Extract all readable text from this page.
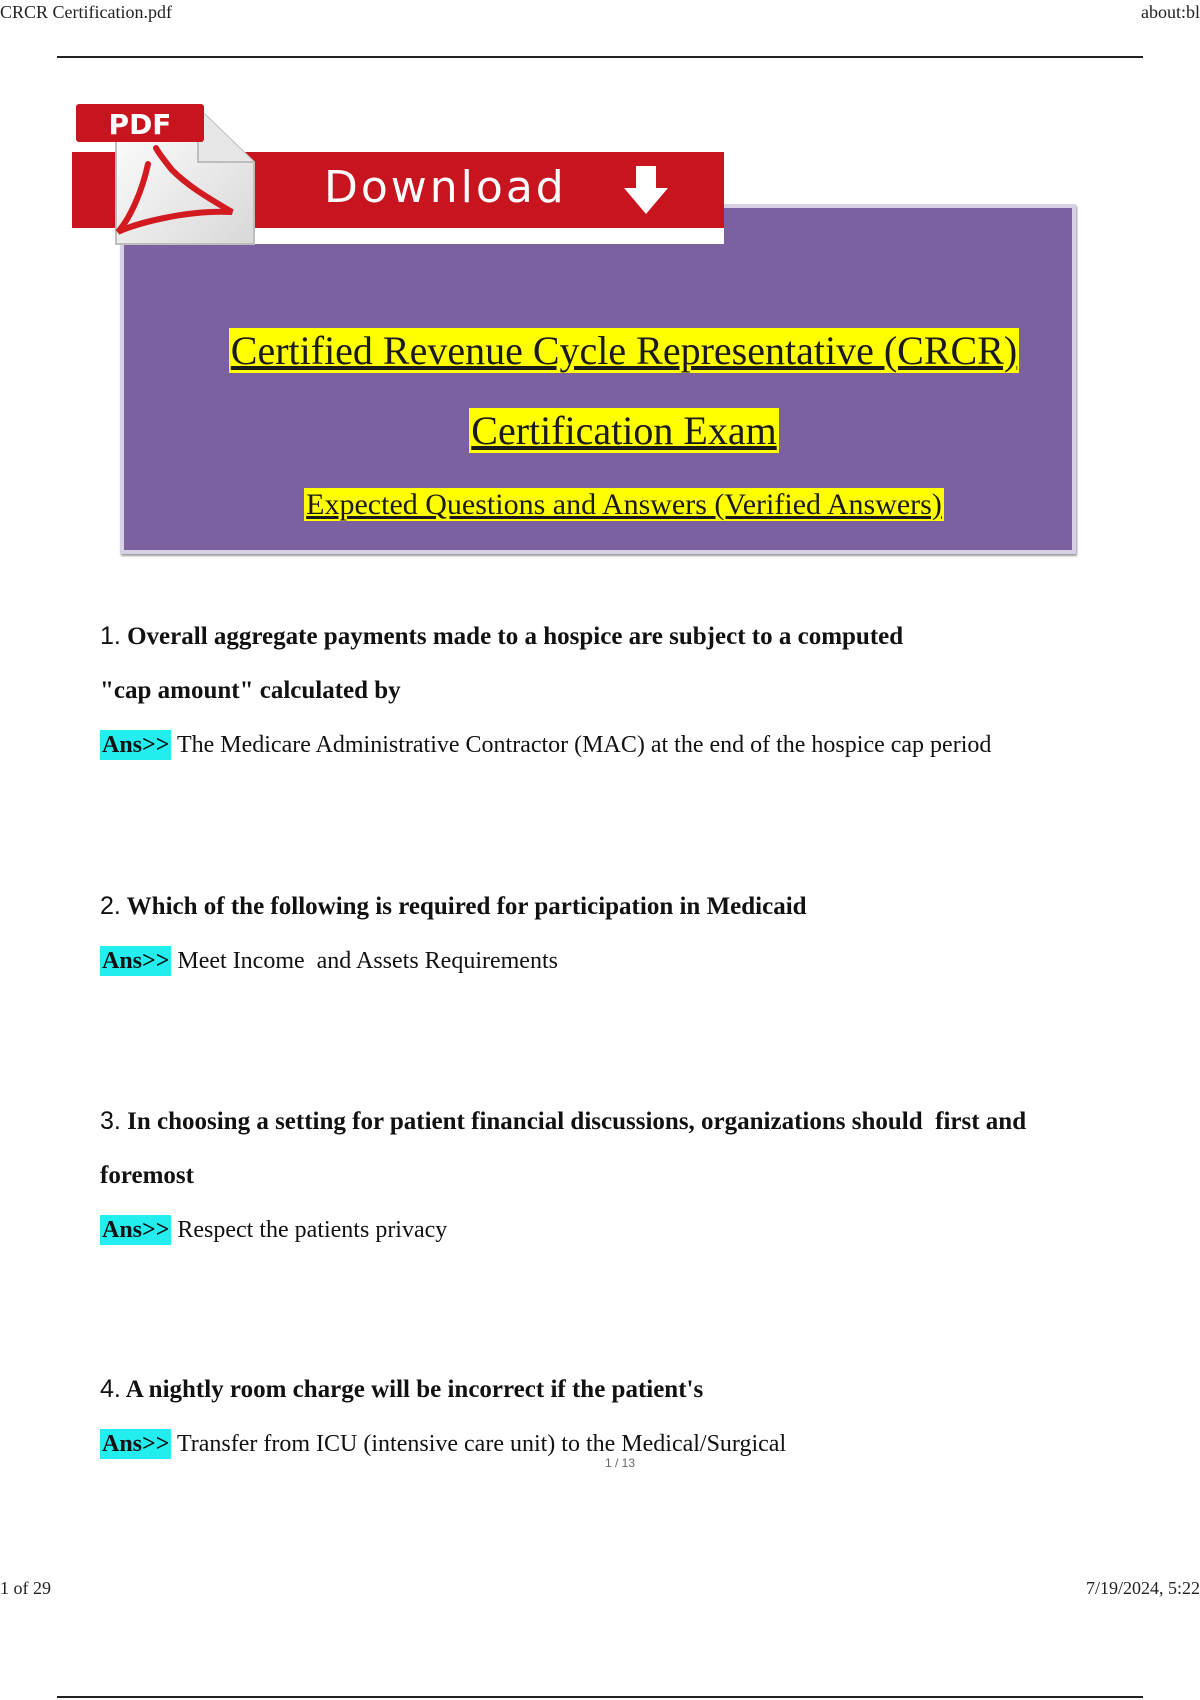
CRCR Certification.pdf	about:bl
Download
PDF
Certified Revenue Cycle Representative (CRCR)
Certification Exam
Expected Questions and Answers (Verified Answers)
1. Overall aggregate payments made to a hospice are subject to a computed
"cap amount" calculated by
Ans>> The Medicare Administrative Contractor (MAC) at the end of the hospice cap period
2. Which of the following is required for participation in Medicaid
Ans>> Meet Income  and Assets Requirements
3. In choosing a setting for patient financial discussions, organizations should  first and
foremost
Ans>> Respect the patients privacy
4. A nightly room charge will be incorrect if the patient's
Ans>> Transfer from ICU (intensive care unit) to the Medical/Surgical
1 / 13
1 of 29	7/19/2024, 5:22
